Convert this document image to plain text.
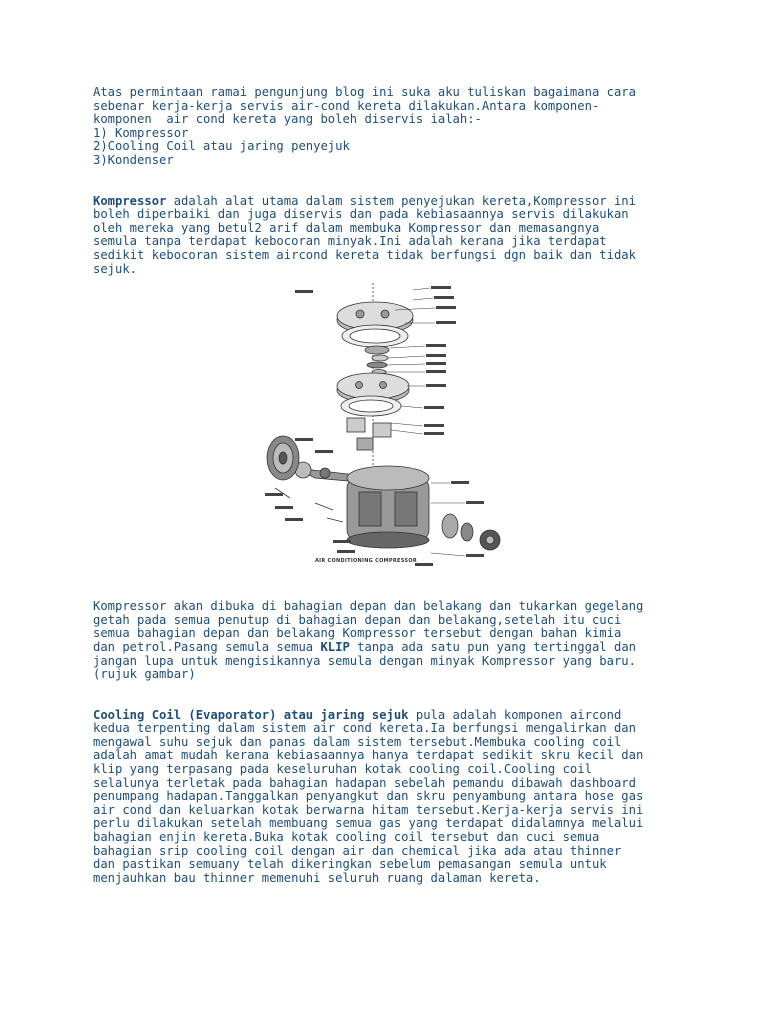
Atas permintaan ramai pengunjung blog ini suka aku tuliskan bagaimana cara
sebenar kerja-kerja servis air-cond kereta dilakukan.Antara komponen-
komponen  air cond kereta yang boleh diservis ialah:-
1) Kompressor
2)Cooling Coil atau jaring penyejuk
3)Kondenser
Kompressor adalah alat utama dalam sistem penyejukan kereta,Kompressor ini
boleh diperbaiki dan juga diservis dan pada kebiasaannya servis dilakukan
oleh mereka yang betul2 arif dalam membuka Kompressor dan memasangnya
semula tanpa terdapat kebocoran minyak.Ini adalah kerana jika terdapat
sedikit kebocoran sistem aircond kereta tidak berfungsi dgn baik dan tidak
sejuk.
AIR CONDITIONING COMPRESSOR
Kompressor akan dibuka di bahagian depan dan belakang dan tukarkan gegelang
getah pada semua penutup di bahagian depan dan belakang,setelah itu cuci
semua bahagian depan dan belakang Kompressor tersebut dengan bahan kimia
dan petrol.Pasang semula semua KLIP tanpa ada satu pun yang tertinggal dan
jangan lupa untuk mengisikannya semula dengan minyak Kompressor yang baru.
(rujuk gambar)
Cooling Coil (Evaporator) atau jaring sejuk pula adalah komponen aircond
kedua terpenting dalam sistem air cond kereta.Ia berfungsi mengalirkan dan
mengawal suhu sejuk dan panas dalam sistem tersebut.Membuka cooling coil
adalah amat mudah kerana kebiasaannya hanya terdapat sedikit skru kecil dan
klip yang terpasang pada keseluruhan kotak cooling coil.Cooling coil
selalunya terletak pada bahagian hadapan sebelah pemandu dibawah dashboard
penumpang hadapan.Tanggalkan penyangkut dan skru penyambung antara hose gas
air cond dan keluarkan kotak berwarna hitam tersebut.Kerja-kerja servis ini
perlu dilakukan setelah membuang semua gas yang terdapat didalamnya melalui
bahagian enjin kereta.Buka kotak cooling coil tersebut dan cuci semua
bahagian srip cooling coil dengan air dan chemical jika ada atau thinner
dan pastikan semuany telah dikeringkan sebelum pemasangan semula untuk
menjauhkan bau thinner memenuhi seluruh ruang dalaman kereta.
